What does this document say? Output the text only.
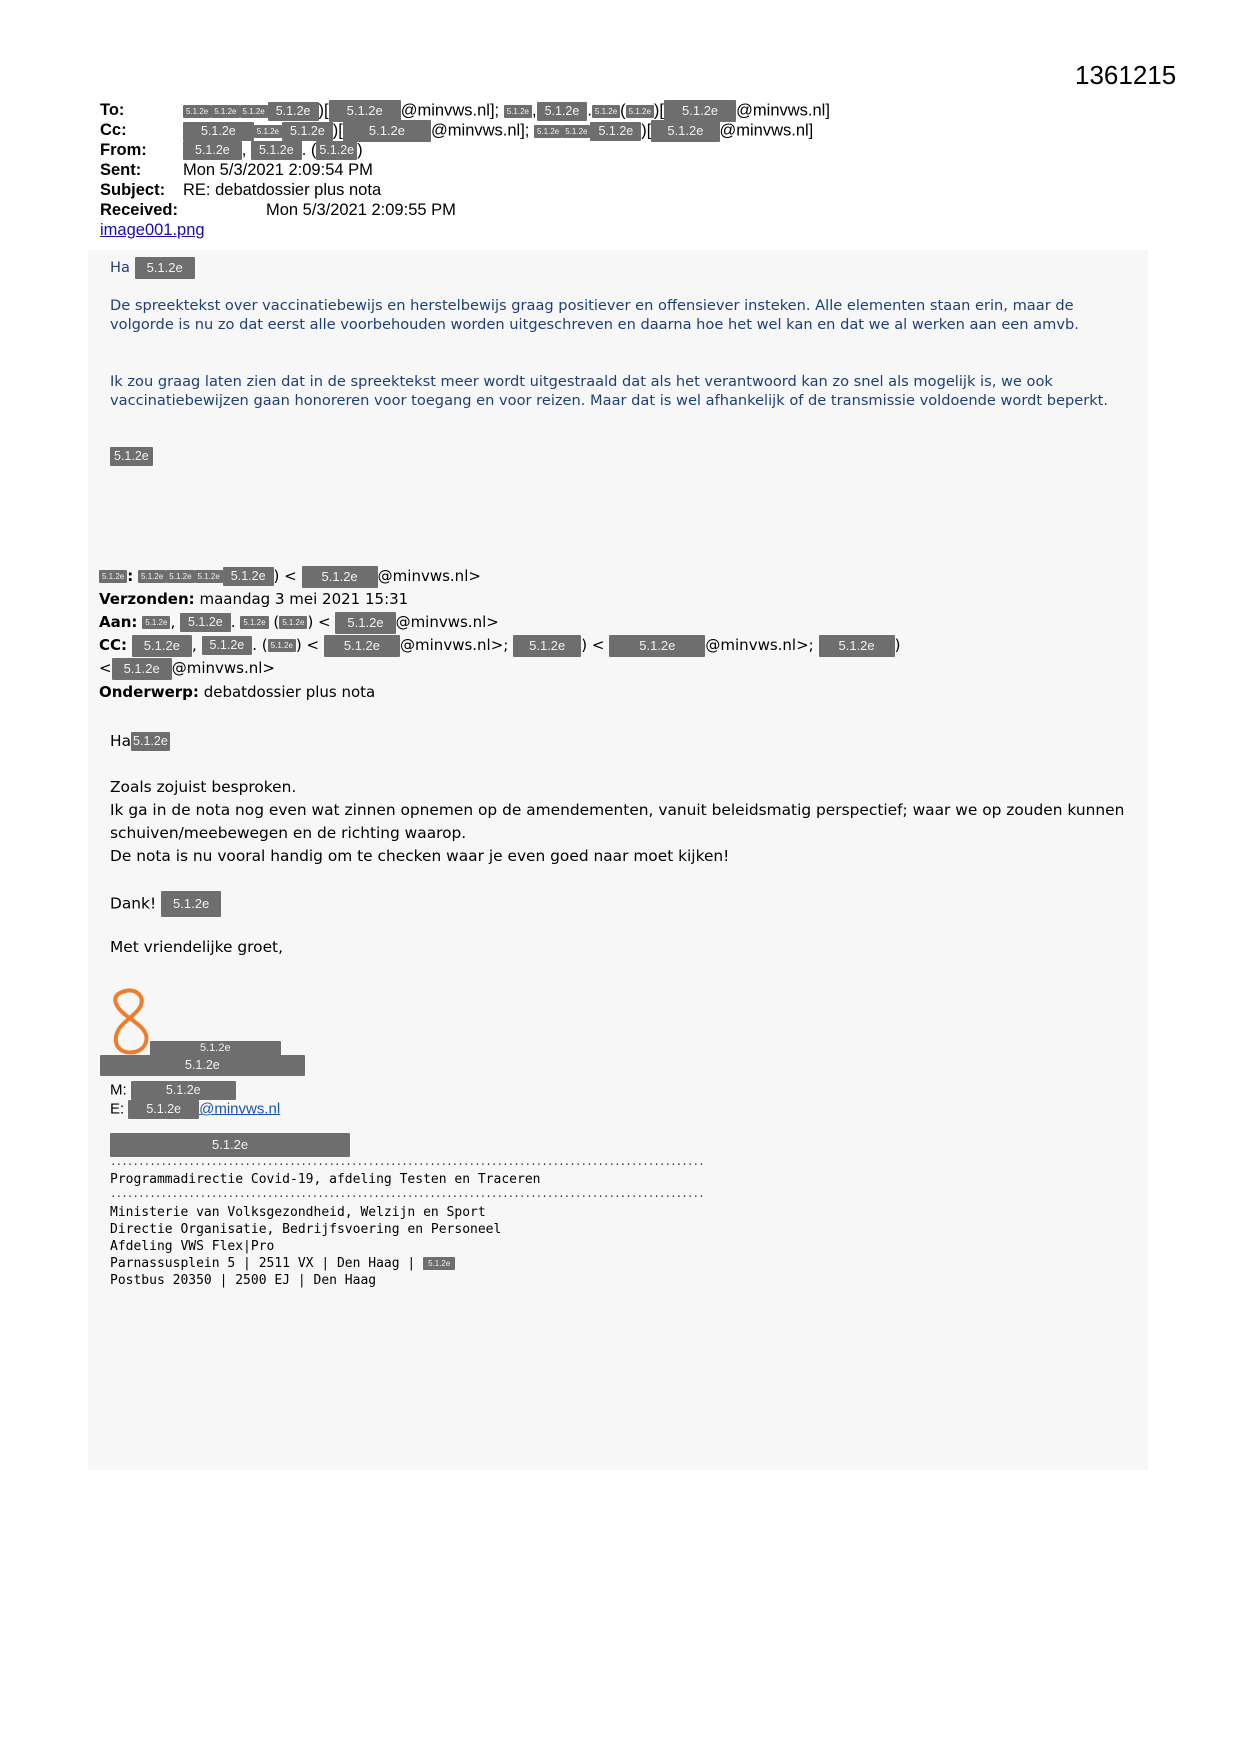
1361215
To:	5.1.2e 5.1.2e 5.1.2e 5.1.2e )[ 5.1.2e @minvws.nl]; 5.1.2e , 5.1.2e . 5.1.2e ( 5.1.2e )[ 5.1.2e @minvws.nl]
Cc:	5.1.2e	5.1.2e 5.1.2e )[ 5.1.2e @minvws.nl]; 5.1.2e 5.1.2e 5.1.2e )[ 5.1.2e @minvws.nl]
From:	5.1.2e , 5.1.2e . ( 5.1.2e )
Sent:	Mon 5/3/2021 2:09:54 PM
Subject: RE: debatdossier plus nota
Received:	Mon 5/3/2021 2:09:55 PM
image001.png
Ha 5.1.2e
De spreektekst over vaccinatiebewijs en herstelbewijs graag positiever en offensiever insteken. Alle elementen staan erin, maar de volgorde is nu zo dat eerst alle voorbehouden worden uitgeschreven en daarna hoe het wel kan en dat we al werken aan een amvb.
Ik zou graag laten zien dat in de spreektekst meer wordt uitgestraald dat als het verantwoord kan zo snel als mogelijk is, we ook vaccinatiebewijzen gaan honoreren voor toegang en voor reizen. Maar dat is wel afhankelijk of de transmissie voldoende wordt beperkt.
5.1.2e
5.1.2e : 5.1.2e 5.1.2e 5.1.2e 5.1.2e ) < 5.1.2e @minvws.nl>
Verzonden: maandag 3 mei 2021 15:31
Aan: 5.1.2e , 5.1.2e . 5.1.2e ( 5.1.2e ) < 5.1.2e @minvws.nl>
CC: 5.1.2e , 5.1.2e . ( 5.1.2e ) < 5.1.2e @minvws.nl>; 5.1.2e ) < 5.1.2e @minvws.nl>; 5.1.2e )
< 5.1.2e @minvws.nl>
Onderwerp: debatdossier plus nota
Ha 5.1.2e
Zoals zojuist besproken.
Ik ga in de nota nog even wat zinnen opnemen op de amendementen, vanuit beleidsmatig perspectief; waar we op zouden kunnen schuiven/meebewegen en de richting waarop.
De nota is nu vooral handig om te checken waar je even goed naar moet kijken!
Dank! 5.1.2e
Met vriendelijke groet,
5.1.2e
5.1.2e
M:	5.1.2e
E: 5.1.2e @minvws.nl
5.1.2e
..........................................................................................................
Programmadirectie Covid-19, afdeling Testen en Traceren
..........................................................................................................
Ministerie van Volksgezondheid, Welzijn en Sport
Directie Organisatie, Bedrijfsvoering en Personeel
Afdeling VWS Flex|Pro
Parnassusplein 5 | 2511 VX | Den Haag | 5.1.2e
Postbus 20350 | 2500 EJ | Den Haag
